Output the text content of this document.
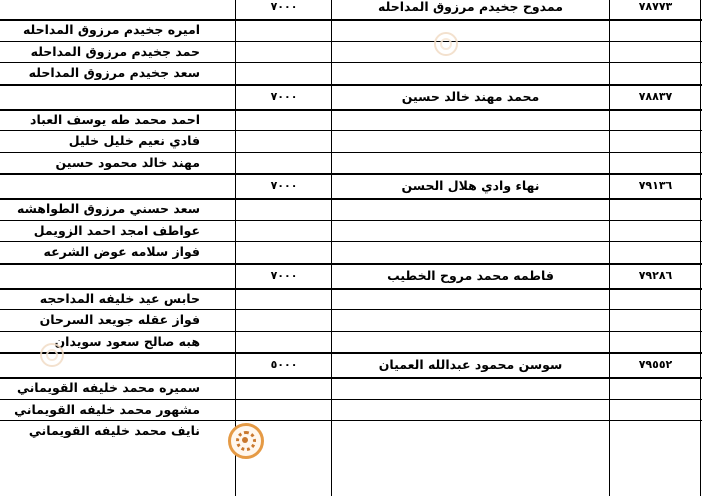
٧٨٧٧٣
ممدوح جخيدم مرزوق المداحله
٧٠٠٠
اميره جخيدم مرزوق المداحله
حمد جخيدم مرزوق المداحله
سعد جخيدم مرزوق المداحله
٧٨٨٣٧
محمد مهند خالد حسين
٧٠٠٠
احمد محمد طه يوسف العباد
فادي نعيم خليل خليل
مهند خالد محمود حسين
٧٩١٣٦
نهاء وادي هلال الحسن
٧٠٠٠
سعد حسني مرزوق الطواهشه
عواطف امجد احمد الزويمل
فواز سلامه عوض الشرعه
٧٩٢٨٦
فاطمه محمد مروح الخطيب
٧٠٠٠
حابس عيد خليفه المداحجه
فواز عقله جويعد السرحان
هبه صالح سعود سويدان
٧٩٥٥٢
سوسن محمود عبدالله العميان
٥٠٠٠
سميره محمد خليفه القويماني
مشهور محمد خليفه القويماني
نايف محمد خليفه القويماني
